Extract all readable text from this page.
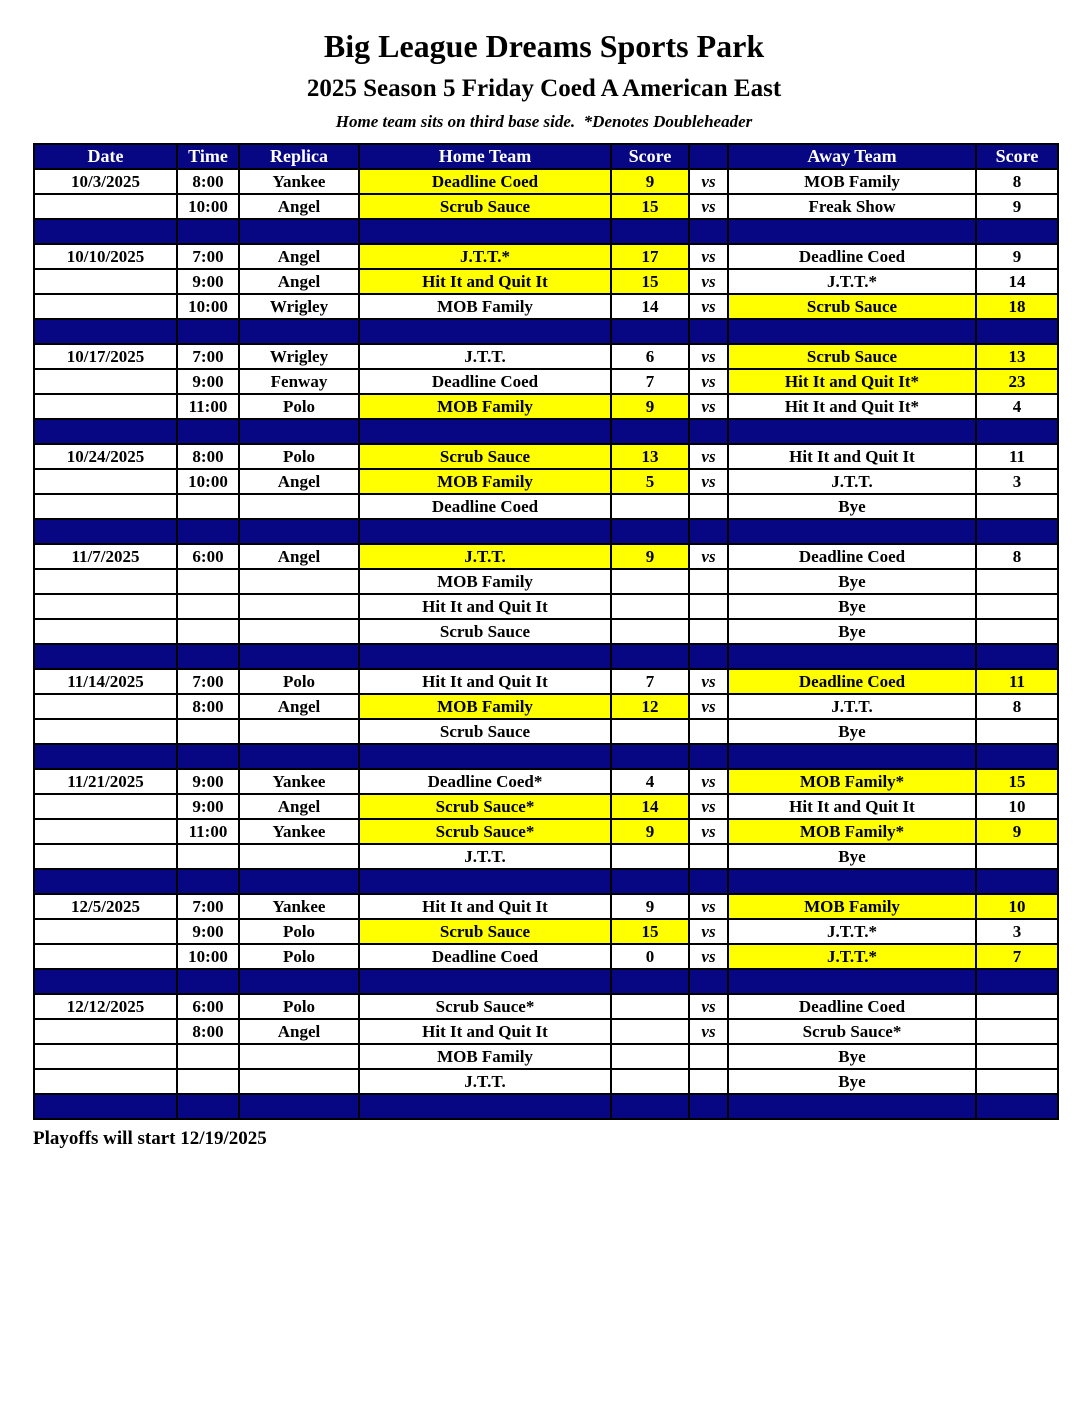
Big League Dreams Sports Park
2025 Season 5 Friday Coed A American East

Home team sits on third base side.  *Denotes Doubleheader

Date	Time	Replica	Home Team	Score		Away Team	Score
10/3/2025	8:00	Yankee	Deadline Coed	9	vs	MOB Family	8
	10:00	Angel	Scrub Sauce	15	vs	Freak Show	9

10/10/2025	7:00	Angel	J.T.T.*	17	vs	Deadline Coed	9
	9:00	Angel	Hit It and Quit It	15	vs	J.T.T.*	14
	10:00	Wrigley	MOB Family	14	vs	Scrub Sauce	18

10/17/2025	7:00	Wrigley	J.T.T.	6	vs	Scrub Sauce	13
	9:00	Fenway	Deadline Coed	7	vs	Hit It and Quit It*	23
	11:00	Polo	MOB Family	9	vs	Hit It and Quit It*	4

10/24/2025	8:00	Polo	Scrub Sauce	13	vs	Hit It and Quit It	11
	10:00	Angel	MOB Family	5	vs	J.T.T.	3
			Deadline Coed			Bye	

11/7/2025	6:00	Angel	J.T.T.	9	vs	Deadline Coed	8
			MOB Family			Bye	
			Hit It and Quit It			Bye	
			Scrub Sauce			Bye	

11/14/2025	7:00	Polo	Hit It and Quit It	7	vs	Deadline Coed	11
	8:00	Angel	MOB Family	12	vs	J.T.T.	8
			Scrub Sauce			Bye	

11/21/2025	9:00	Yankee	Deadline Coed*	4	vs	MOB Family*	15
	9:00	Angel	Scrub Sauce*	14	vs	Hit It and Quit It	10
	11:00	Yankee	Scrub Sauce*	9	vs	MOB Family*	9
			J.T.T.			Bye	

12/5/2025	7:00	Yankee	Hit It and Quit It	9	vs	MOB Family	10
	9:00	Polo	Scrub Sauce	15	vs	J.T.T.*	3
	10:00	Polo	Deadline Coed	0	vs	J.T.T.*	7

12/12/2025	6:00	Polo	Scrub Sauce*		vs	Deadline Coed	
	8:00	Angel	Hit It and Quit It		vs	Scrub Sauce*	
			MOB Family			Bye	
			J.T.T.			Bye	

Playoffs will start 12/19/2025
